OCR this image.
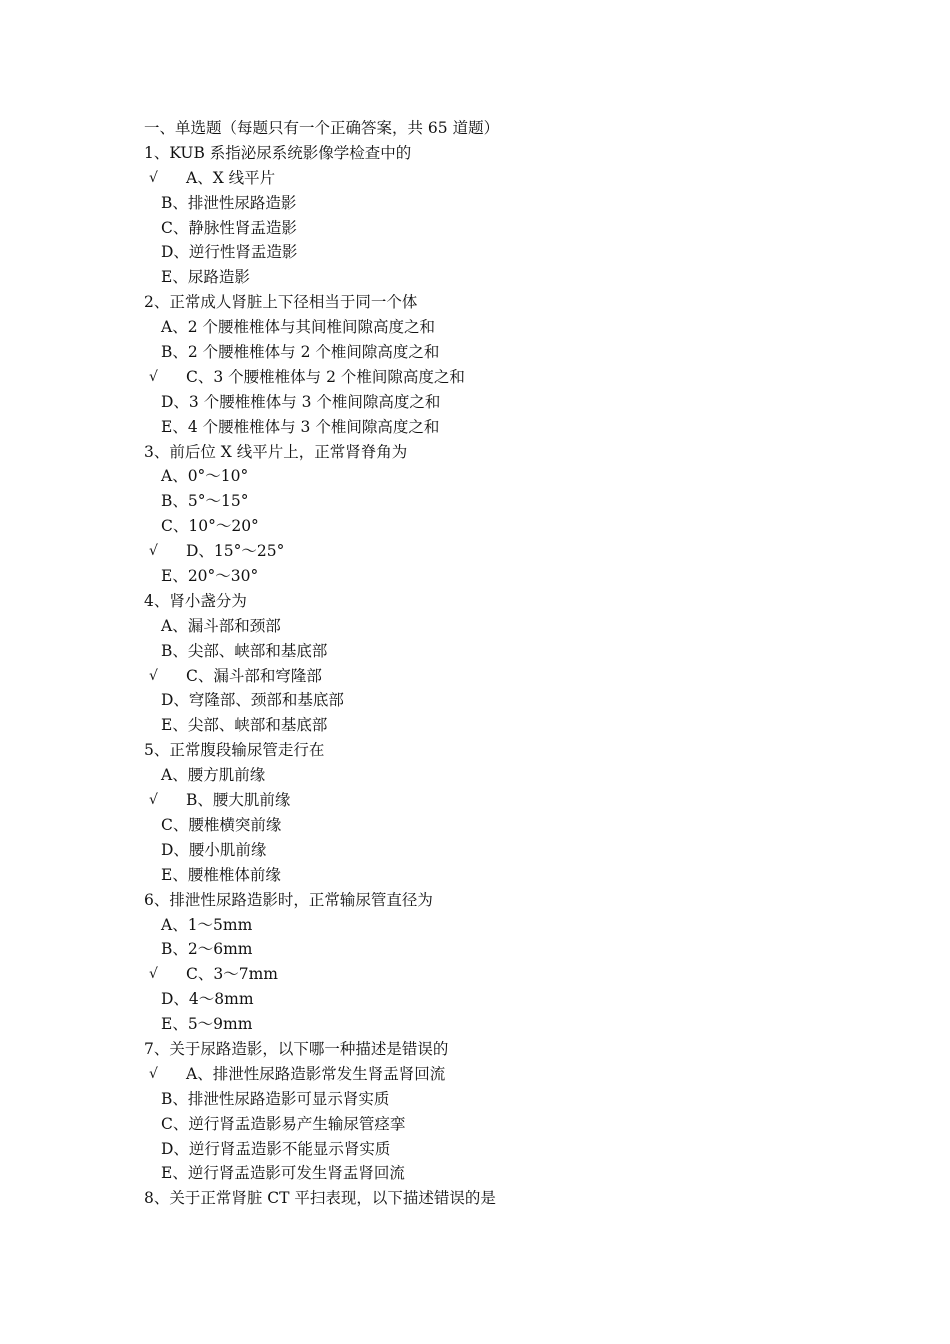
一、单选题（每题只有一个正确答案，共 65 道题）
1、KUB 系指泌尿系统影像学检查中的
√ A、X 线平片
B、排泄性尿路造影
C、静脉性肾盂造影
D、逆行性肾盂造影
E、尿路造影
2、正常成人肾脏上下径相当于同一个体
A、2 个腰椎椎体与其间椎间隙高度之和
B、2 个腰椎椎体与 2 个椎间隙高度之和
√ C、3 个腰椎椎体与 2 个椎间隙高度之和
D、3 个腰椎椎体与 3 个椎间隙高度之和
E、4 个腰椎椎体与 3 个椎间隙高度之和
3、前后位 X 线平片上，正常肾脊角为
A、0°～10°
B、5°～15°
C、10°～20°
√ D、15°～25°
E、20°～30°
4、肾小盏分为
A、漏斗部和颈部
B、尖部、峡部和基底部
√ C、漏斗部和穹隆部
D、穹隆部、颈部和基底部
E、尖部、峡部和基底部
5、正常腹段输尿管走行在
A、腰方肌前缘
√ B、腰大肌前缘
C、腰椎横突前缘
D、腰小肌前缘
E、腰椎椎体前缘
6、排泄性尿路造影时，正常输尿管直径为
A、1～5mm
B、2～6mm
√ C、3～7mm
D、4～8mm
E、5～9mm
7、关于尿路造影，以下哪一种描述是错误的
√ A、排泄性尿路造影常发生肾盂肾回流
B、排泄性尿路造影可显示肾实质
C、逆行肾盂造影易产生输尿管痉挛
D、逆行肾盂造影不能显示肾实质
E、逆行肾盂造影可发生肾盂肾回流
8、关于正常肾脏 CT 平扫表现，以下描述错误的是
